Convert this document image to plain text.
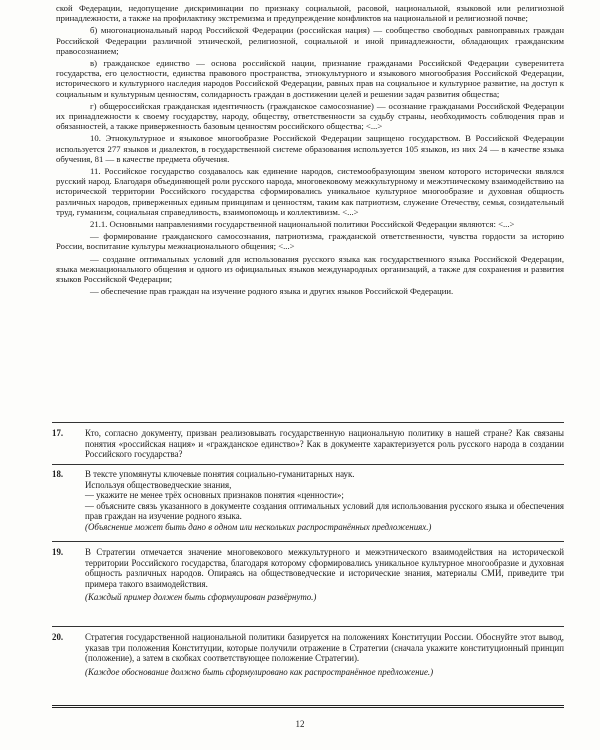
ской Федерации, недопущение дискриминации по признаку социальной, расовой, национальной, языковой или религиозной принадлежности, а также на профилактику экстремизма и предупреждение конфликтов на национальной и религиозной почве;

б) многонациональный народ Российской Федерации (российская нация) — сообщество свободных равноправных граждан Российской Федерации различной этнической, религиозной, социальной и иной принадлежности, обладающих гражданским правосознанием;

в) гражданское единство — основа российской нации, признание гражданами Российской Федерации суверенитета государства, его целостности, единства правового пространства, этнокультурного и языкового многообразия Российской Федерации, исторического и культурного наследия народов Российской Федерации, равных прав на социальное и культурное развитие, на доступ к социальным и культурным ценностям, солидарность граждан в достижении целей и решении задач развития общества;

г) общероссийская гражданская идентичность (гражданское самосознание) — осознание гражданами Российской Федерации их принадлежности к своему государству, народу, обществу, ответственности за судьбу страны, необходимость соблюдения прав и обязанностей, а также приверженность базовым ценностям российского общества; <...>

10. Этнокультурное и языковое многообразие Российской Федерации защищено государством. В Российской Федерации используется 277 языков и диалектов, в государственной системе образования используется 105 языков, из них 24 — в качестве языка обучения, 81 — в качестве предмета обучения.

11. Российское государство создавалось как единение народов, системообразующим звеном которого исторически являлся русский народ. Благодаря объединяющей роли русского народа, многовековому межкультурному и межэтническому взаимодействию на исторической территории Российского государства сформировались уникальное культурное многообразие и духовная общность различных народов, приверженных единым принципам и ценностям, таким как патриотизм, служение Отечеству, семья, созидательный труд, гуманизм, социальная справедливость, взаимопомощь и коллективизм. <...>

21.1. Основными направлениями государственной национальной политики Российской Федерации являются: <...>

— формирование гражданского самосознания, патриотизма, гражданской ответственности, чувства гордости за историю России, воспитание культуры межнационального общения; <...>

— создание оптимальных условий для использования русского языка как государственного языка Российской Федерации, языка межнационального общения и одного из официальных языков международных организаций, а также для сохранения и развития языков Российской Федерации;

— обеспечение прав граждан на изучение родного языка и других языков Российской Федерации.

17. Кто, согласно документу, призван реализовывать государственную национальную политику в нашей стране? Как связаны понятия «российская нация» и «гражданское единство»? Как в документе характеризуется роль русского народа в создании Российского государства?

18. В тексте упомянуты ключевые понятия социально-гуманитарных наук.

Используя обществоведческие знания,

— укажите не менее трёх основных признаков понятия «ценности»;

— объясните связь указанного в документе создания оптимальных условий для использования русского языка и обеспечения прав граждан на изучение родного языка.

(Объяснение может быть дано в одном или нескольких распространённых предложениях.)

19. В Стратегии отмечается значение многовекового межкультурного и межэтнического взаимодействия на исторической территории Российского государства, благодаря которому сформировались уникальное культурное многообразие и духовная общность различных народов. Опираясь на обществоведческие и исторические знания, материалы СМИ, приведите три примера такого взаимодействия.

(Каждый пример должен быть сформулирован развёрнуто.)

20. Стратегия государственной национальной политики базируется на положениях Конституции России. Обоснуйте этот вывод, указав три положения Конституции, которые получили отражение в Стратегии (сначала укажите конституционный принцип (положение), а затем в скобках соответствующее положение Стратегии).

(Каждое обоснование должно быть сформулировано как распространённое предложение.)

12
